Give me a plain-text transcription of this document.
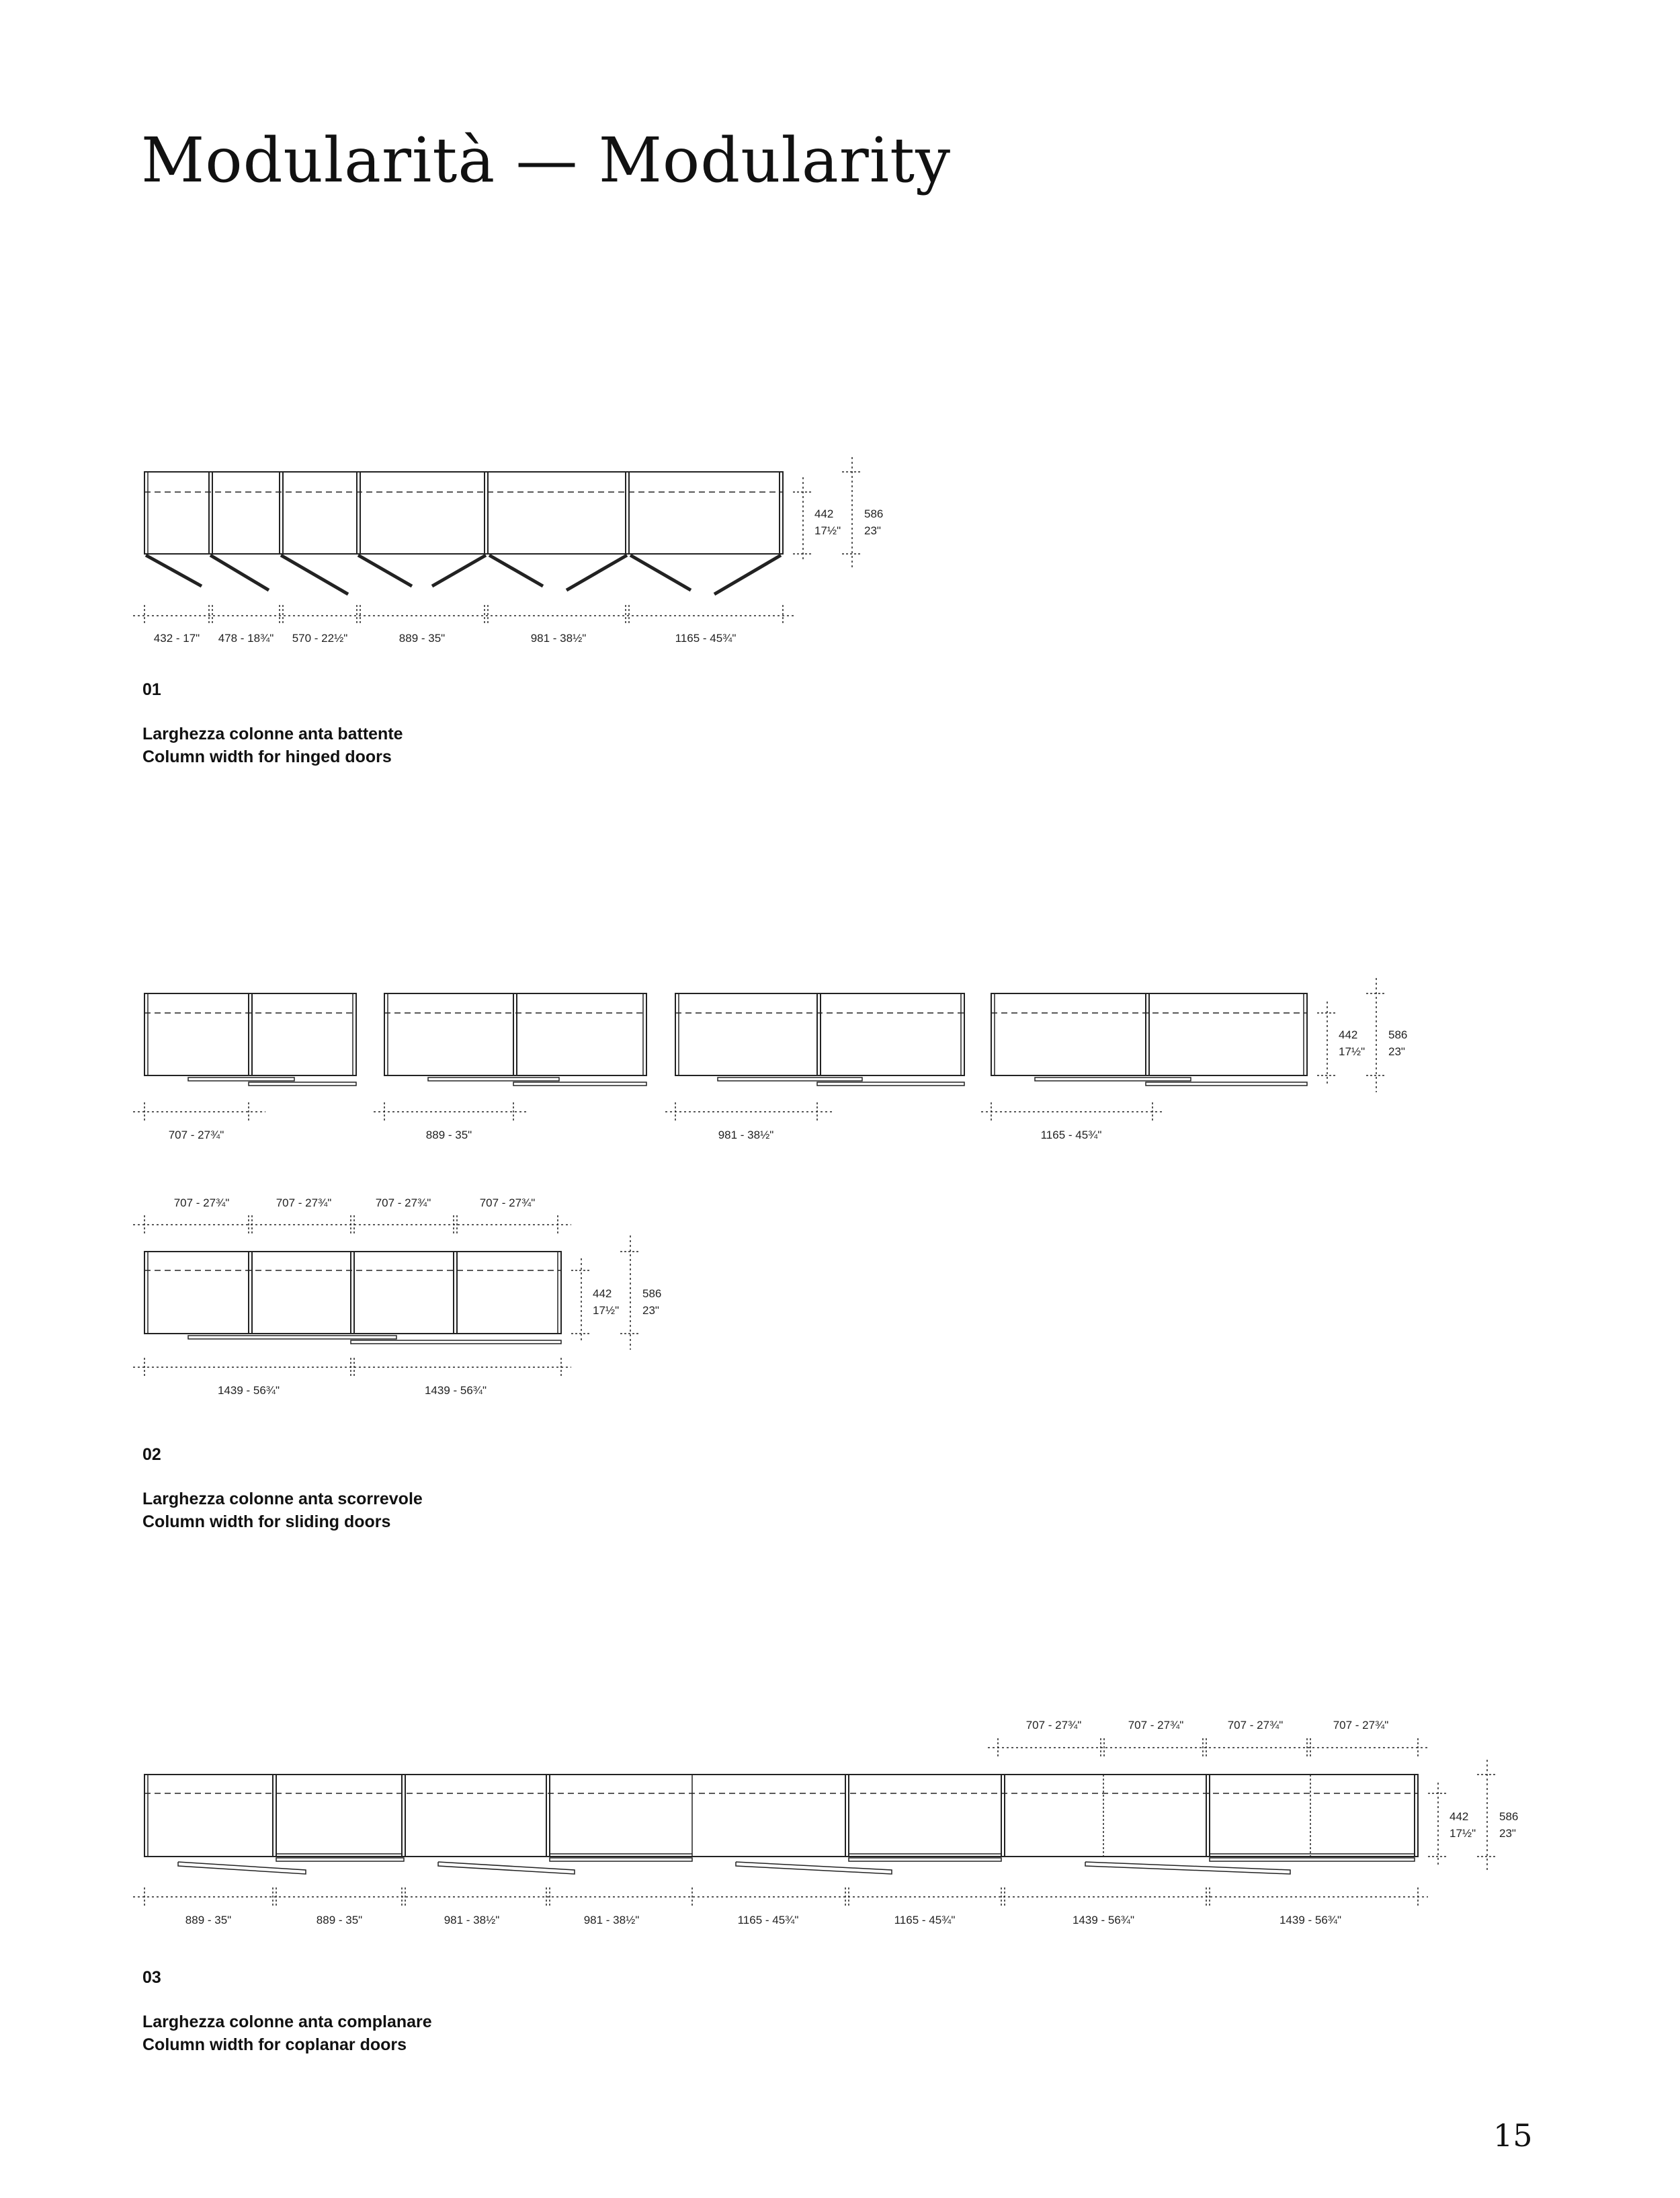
Modularità — Modularity
442
17½"
586
23"
432 - 17" 478 - 18¾" 570 - 22½"	889 - 35"	981 - 38½"	1165 - 45¾"
442
17½"
586
23"
707 - 27¾"	889 - 35"	981 - 38½"	1165 - 45¾"
707 - 27¾"	707 - 27¾"	707 - 27¾"	707 - 27¾"
442
17½"
586
23"
1439 - 56¾"	1439 - 56¾"
707 - 27¾"	707 - 27¾"	707 - 27¾"	707 - 27¾"
442
17½"
586
23"
889 - 35"	889 - 35"	981 - 38½"	981 - 38½"	1165 - 45¾"	1165 - 45¾"	1439 - 56¾"	1439 - 56¾"
01
Larghezza colonne anta battente
Column width for hinged doors
02
Larghezza colonne anta scorrevole
Column width for sliding doors
03
Larghezza colonne anta complanare
Column width for coplanar doors
15
